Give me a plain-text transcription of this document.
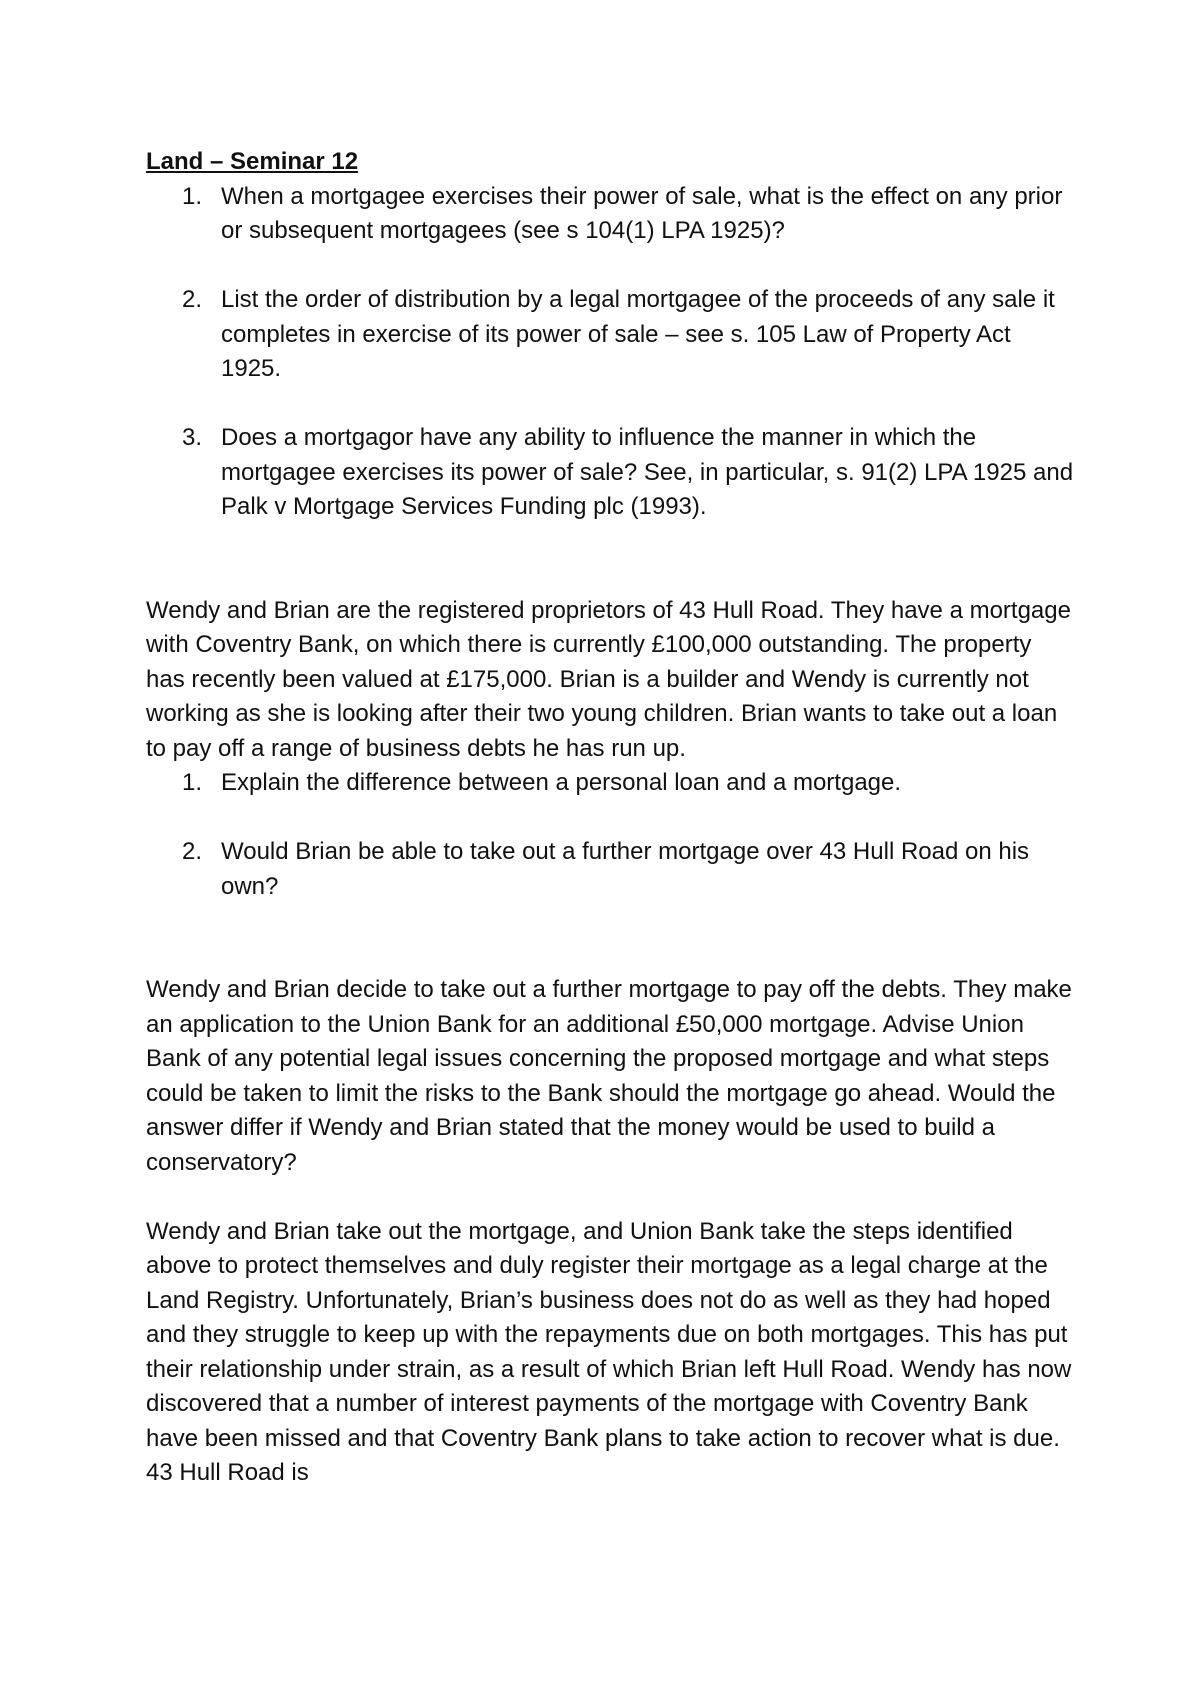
Land – Seminar 12

1. When a mortgagee exercises their power of sale, what is the effect on any prior or subsequent mortgagees (see s 104(1) LPA 1925)?
2. List the order of distribution by a legal mortgagee of the proceeds of any sale it completes in exercise of its power of sale – see s. 105 Law of Property Act 1925.
3. Does a mortgagor have any ability to influence the manner in which the mortgagee exercises its power of sale? See, in particular, s. 91(2) LPA 1925 and Palk v Mortgage Services Funding plc (1993).

Wendy and Brian are the registered proprietors of 43 Hull Road. They have a mortgage with Coventry Bank, on which there is currently £100,000 outstanding. The property has recently been valued at £175,000. Brian is a builder and Wendy is currently not working as she is looking after their two young children. Brian wants to take out a loan to pay off a range of business debts he has run up.

1. Explain the difference between a personal loan and a mortgage.
2. Would Brian be able to take out a further mortgage over 43 Hull Road on his own?

Wendy and Brian decide to take out a further mortgage to pay off the debts. They make an application to the Union Bank for an additional £50,000 mortgage. Advise Union Bank of any potential legal issues concerning the proposed mortgage and what steps could be taken to limit the risks to the Bank should the mortgage go ahead. Would the answer differ if Wendy and Brian stated that the money would be used to build a conservatory?

Wendy and Brian take out the mortgage, and Union Bank take the steps identified above to protect themselves and duly register their mortgage as a legal charge at the Land Registry. Unfortunately, Brian’s business does not do as well as they had hoped and they struggle to keep up with the repayments due on both mortgages. This has put their relationship under strain, as a result of which Brian left Hull Road. Wendy has now discovered that a number of interest payments of the mortgage with Coventry Bank have been missed and that Coventry Bank plans to take action to recover what is due. 43 Hull Road is
